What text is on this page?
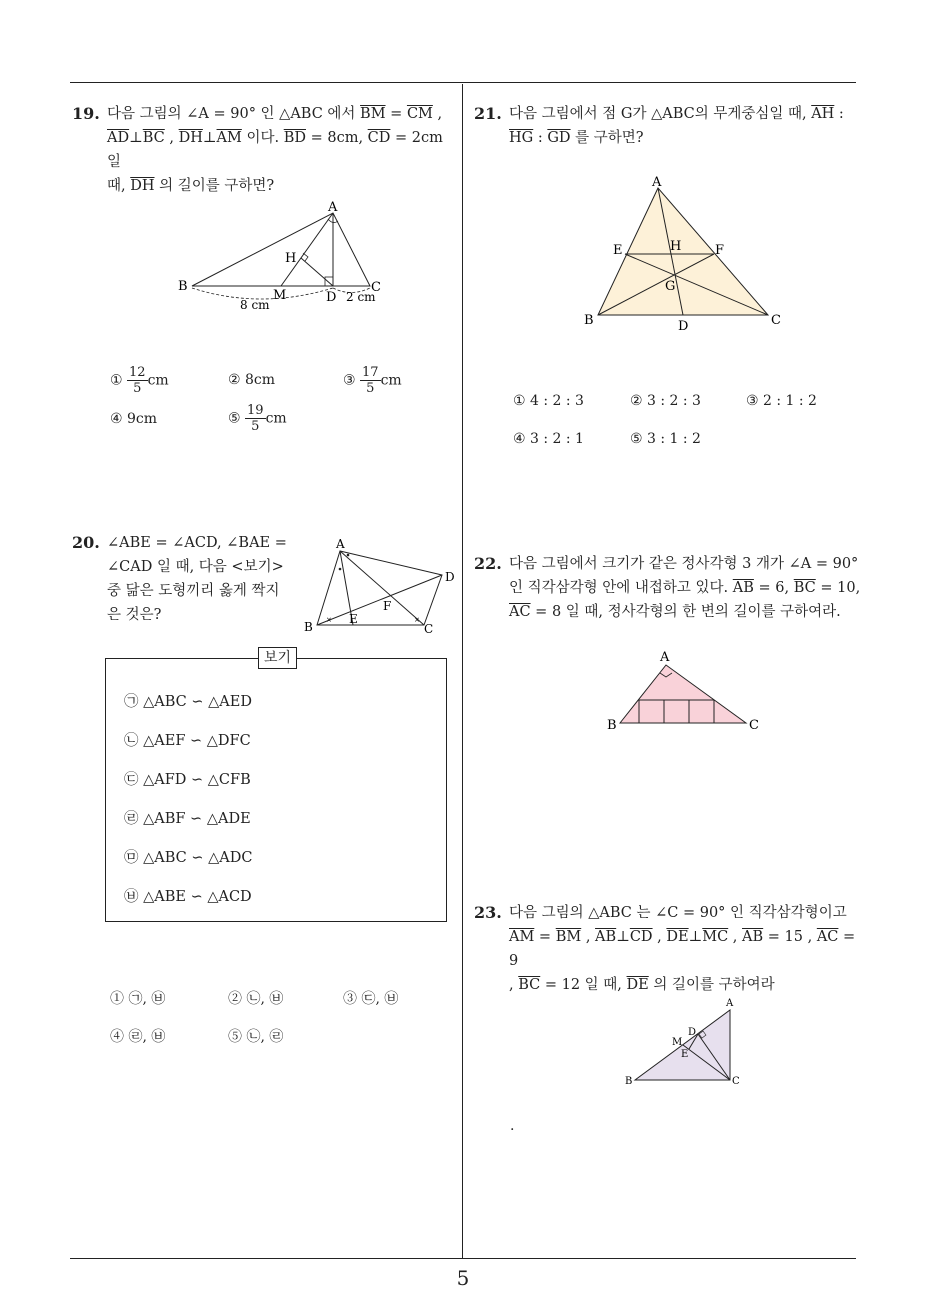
19. 다음 그림의 ∠A = 90° 인 △ABC 에서 $\overline{BM} = \overline{CM}$ ,
$\overline{AD}\perp\overline{BC}$ , $\overline{DH}\perp\overline{AM}$ 이다. $\overline{BD} = 8cm$, $\overline{CD} = 2cm$ 일
때, $\overline{DH}$ 의 길이를 구하면?
A
B	C
D
H
M
8 cm
2 cm
① $\frac{12}{5}$ cm	② 8cm	③ $\frac{17}{5}$ cm
④ 9cm	⑤ $\frac{19}{5}$ cm
20. ∠ABE = ∠ACD, ∠BAE =
∠CAD 일 때, 다음 <보기>
중 닮은 도형끼리 옳게 짝지
은 것은?	×	×
A
B	C
D
E
F
보기
㉠ △ABC ∽ △AED
㉡ △AEF ∽ △DFC
㉢ △AFD ∽ △CFB
㉣ △ABF ∽ △ADE
㉤ △ABC ∽ △ADC
㉥ △ABE ∽ △ACD
① ㉠, ㉥	② ㉡, ㉥	③ ㉢, ㉥
④ ㉣, ㉥	⑤ ㉡, ㉣
21. 다음 그림에서 점 G가 △ABC의 무게중심일 때, $\overline{AH}$ :
$\overline{HG}$ : $\overline{GD}$ 를 구하면?
A
B	C
D
E	F
G
H
① 4 : 2 : 3	② 3 : 2 : 3	③ 2 : 1 : 2
④ 3 : 2 : 1	⑤ 3 : 1 : 2
22. 다음 그림에서 크기가 같은 정사각형 3 개가 ∠A = 90°
인 직각삼각형 안에 내접하고 있다. $\overline{AB} = 6$, $\overline{BC} = 10$,
$\overline{AC} = 8$ 일 때, 정사각형의 한 변의 길이를 구하여라.
A
B	C
23. 다음 그림의 △ABC 는 ∠C = 90° 인 직각삼각형이고
$\overline{AM} = \overline{BM}$ , $\overline{AB}\perp\overline{CD}$ , $\overline{DE}\perp\overline{MC}$ , $\overline{AB} = 15$ , $\overline{AC} = 9$
, $\overline{BC} = 12$ 일 때, $\overline{DE}$ 의 길이를 구하여라
A
B	C
D
E
M
.
5
